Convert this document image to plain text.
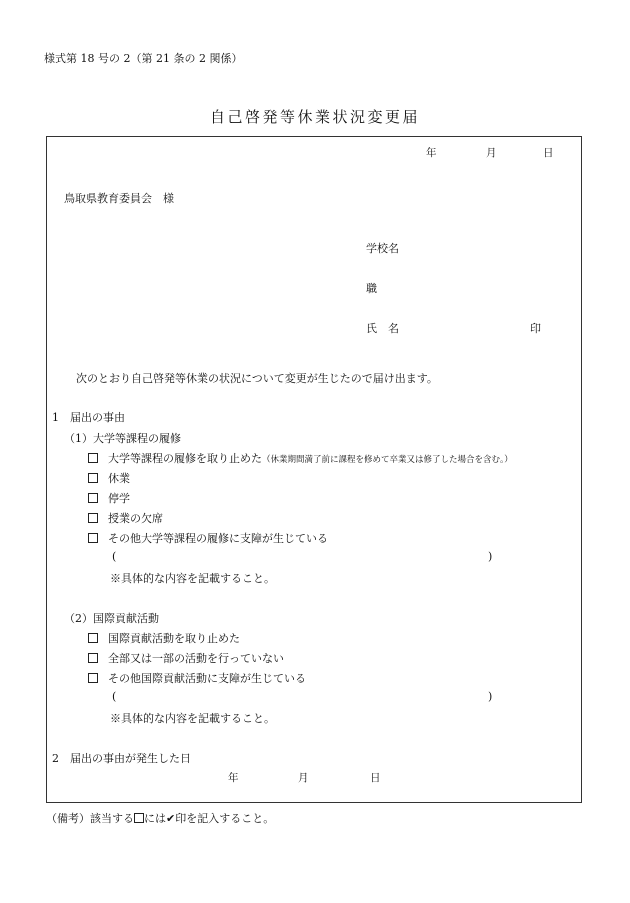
様式第 18 号の 2（第 21 条の 2 関係）
自己啓発等休業状況変更届
年	月	日
鳥取県教育委員会　様
学校名
職
氏　名	印
次のとおり自己啓発等休業の状況について変更が生じたので届け出ます。
1　届出の事由
（1）大学等課程の履修
大学等課程の履修を取り止めた（休業期間満了前に課程を修めて卒業又は修了した場合を含む。）
休業
停学
授業の欠席
その他大学等課程の履修に支障が生じている
(	)
※具体的な内容を記載すること。
（2）国際貢献活動
国際貢献活動を取り止めた
全部又は一部の活動を行っていない
その他国際貢献活動に支障が生じている
(	)
※具体的な内容を記載すること。
2　届出の事由が発生した日
年	月	日
（備考）該当する には✔印を記入すること。
